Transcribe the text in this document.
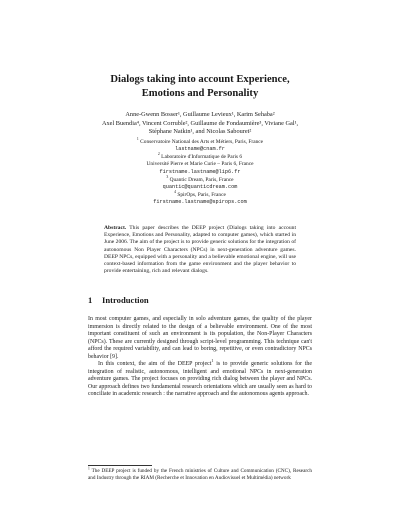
Dialogs taking into account Experience,
Emotions and Personality
Anne-Gwenn Bosser¹, Guillaume Levieux¹, Karim Sehaba²
Axel Buendia⁴, Vincent Corruble², Guillaume de Fondaumière³, Viviane Gal¹,
Stéphane Natkin¹, and Nicolas Sabouret²
$^1$ Conservatoire National des Arts et Métiers, Paris, France
lastname@cnam.fr
$^2$ Laboratoire d'Informatique de Paris 6
Université Pierre et Marie Curie – Paris 6, France
firstname.lastname@lip6.fr
$^3$ Quantic Dream, Paris, France
quantic@quanticdream.com
$^4$ SpirOps, Paris, France
firstname.lastname@spirops.com
Abstract. This paper describes the DEEP project (Dialogs taking into account Experience, Emotions and Personality, adapted to computer games), which started in June 2006. The aim of the project is to provide generic solutions for the integration of autonomous Non Player Characters (NPCs) in next-generation adventure games. DEEP NPCs, equipped with a personality and a believable emotional engine, will use context-based information from the game environment and the player behavior to provide entertaining, rich and relevant dialogs.
1 Introduction

In most computer games, and especially in solo adventure games, the quality of the player immersion is directly related to the design of a believable environment. One of the most important constituent of such an environment is its population, the Non-Player Characters (NPCs). These are currently designed through script-level programming. This technique can't afford the required variability, and can lead to boring, repetitive, or even contradictory NPCs behavior [9].

In this context, the aim of the DEEP project$^1$ is to provide generic solutions for the integration of realistic, autonomous, intelligent and emotional NPCs in next-generation adventure games. The project focuses on providing rich dialog between the player and NPCs. Our approach defines two fundamental research orientations which are usually seen as hard to conciliate in academic research : the narrative approach and the autonomous agents approach.

$^1$ The DEEP project is funded by the French ministries of Culture and Communication (CNC), Research and Industry through the RIAM (Recherche et Innovation en Audiovisuel et Multimédia) network
